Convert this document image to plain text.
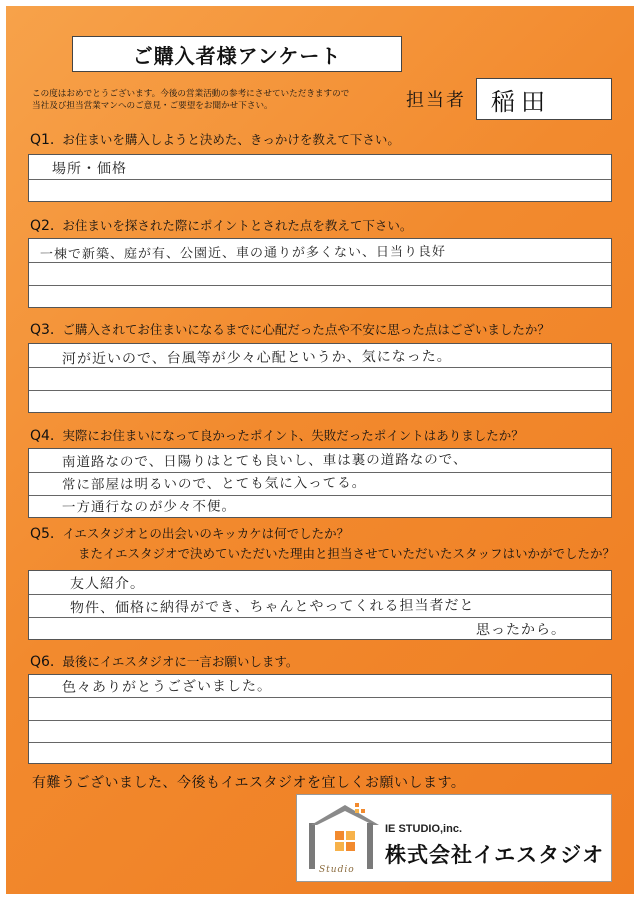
ご購入者様アンケート
この度はおめでとうございます。今後の営業活動の参考にさせていただきますので
当社及び担当営業マンへのご意見・ご要望をお聞かせ下さい。	担当者	稲田
Q1. お住まいを購入しようと決めた、きっかけを教えて下さい。
場所・価格
Q2. お住まいを探された際にポイントとされた点を教えて下さい。
一棟で新築、庭が有、公園近、車の通りが多くない、日当り良好
Q3. ご購入されてお住まいになるまでに心配だった点や不安に思った点はございましたか？
河が近いので、台風等が少々心配というか、気になった。
Q4. 実際にお住まいになって良かったポイント、失敗だったポイントはありましたか？
南道路なので、日陽りはとても良いし、車は裏の道路なので、
常に部屋は明るいので、とても気に入ってる。
一方通行なのが少々不便。
Q5. イエスタジオとの出会いのキッカケは何でしたか？
またイエスタジオで決めていただいた理由と担当させていただいたスタッフはいかがでしたか？
友人紹介。
物件、価格に納得ができ、ちゃんとやってくれる担当者だと
思ったから。
Q6. 最後にイエスタジオに一言お願いします。
色々ありがとうございました。
有難うございました、今後もイエスタジオを宜しくお願いします。
IE STUDIO,inc.
株式会社イエスタジオ
Studio
